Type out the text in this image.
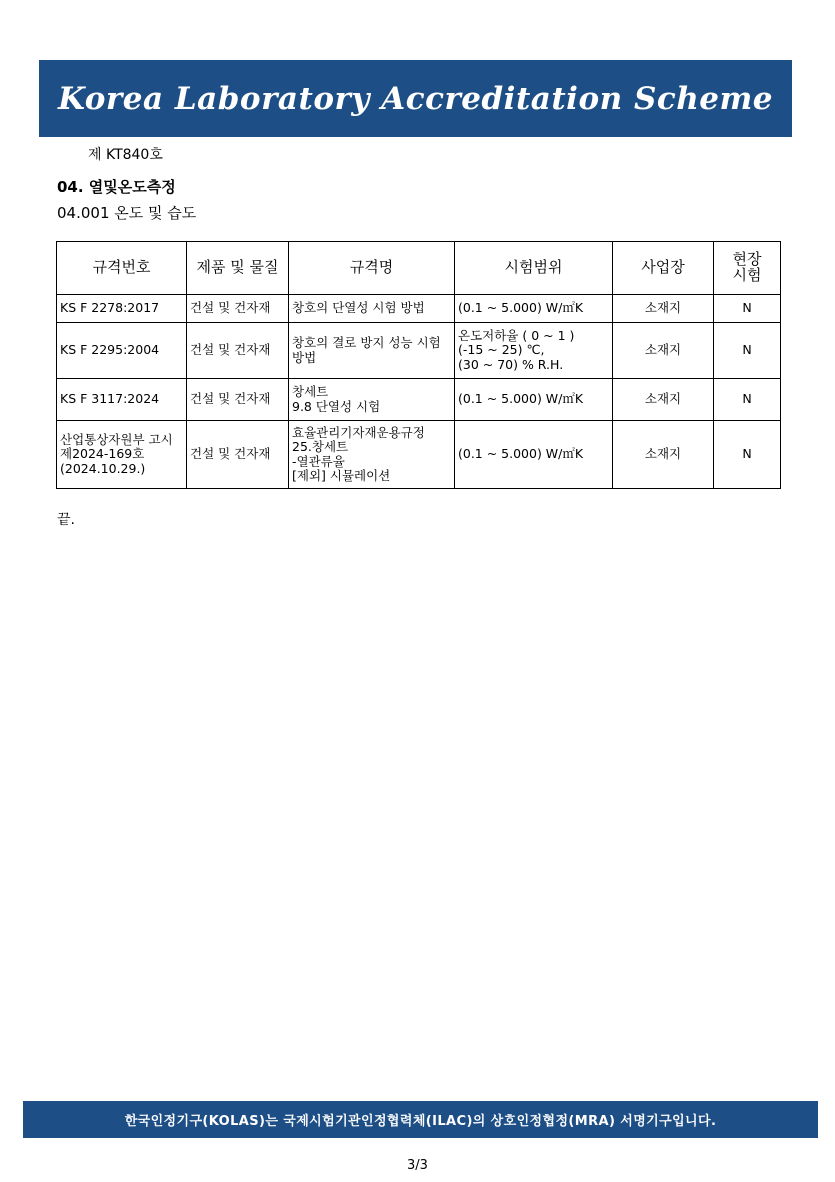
Korea Laboratory Accreditation Scheme
제 KT840호
04. 열및온도측정
04.001 온도 및 습도
규격번호	제품 및 물질	규격명	시험범위	사업장	현장
시험
KS F 2278:2017	건설 및 건자재	창호의 단열성 시험 방법	(0.1 ~ 5.000) W/㎡K	소재지	N
KS F 2295:2004	건설 및 건자재	창호의 결로 방지 성능 시험 방법	온도저하율 ( 0 ~ 1 )
(-15 ~ 25) ℃,
(30 ~ 70) % R.H.	소재지	N
KS F 3117:2024	건설 및 건자재	창세트
9.8 단열성 시험	(0.1 ~ 5.000) W/㎡K	소재지	N
산업통상자원부 고시
제2024-169호
(2024.10.29.)	건설 및 건자재	효율관리기자재운용규정
25.창세트
-열관류율
[제외] 시뮬레이션	(0.1 ~ 5.000) W/㎡K	소재지	N
끝.
한국인정기구(KOLAS)는 국제시험기관인정협력체(ILAC)의 상호인정협정(MRA) 서명기구입니다.
3/3
